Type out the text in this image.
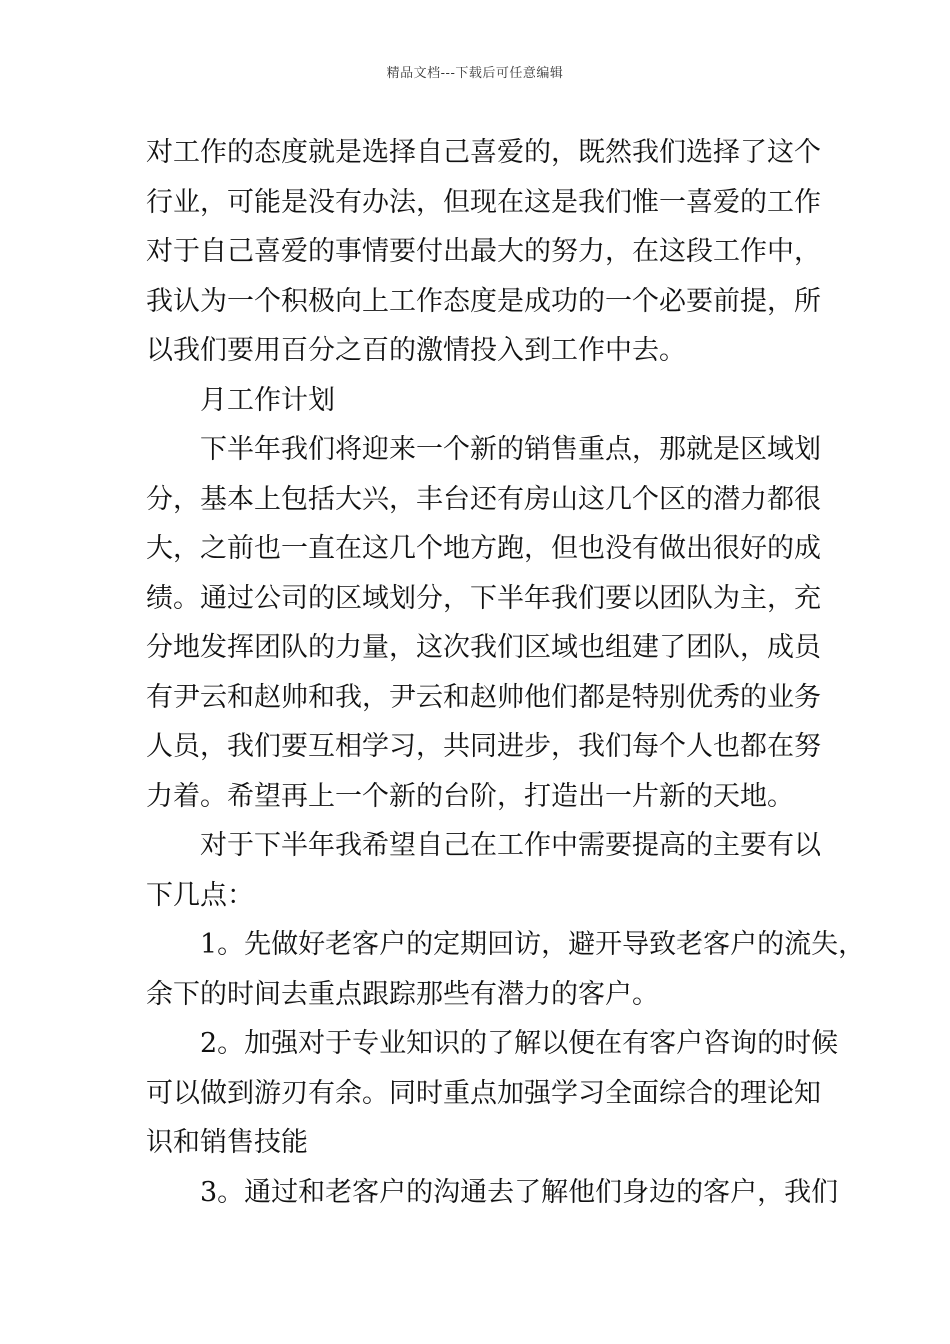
精品文档---下载后可任意编辑
对工作的态度就是选择自己喜爱的，既然我们选择了这个
行业，可能是没有办法，但现在这是我们惟一喜爱的工作
对于自己喜爱的事情要付出最大的努力，在这段工作中，
我认为一个积极向上工作态度是成功的一个必要前提，所
以我们要用百分之百的激情投入到工作中去。
月工作计划
下半年我们将迎来一个新的销售重点，那就是区域划
分，基本上包括大兴，丰台还有房山这几个区的潜力都很
大，之前也一直在这几个地方跑，但也没有做出很好的成
绩。通过公司的区域划分，下半年我们要以团队为主，充
分地发挥团队的力量，这次我们区域也组建了团队，成员
有尹云和赵帅和我，尹云和赵帅他们都是特别优秀的业务
人员，我们要互相学习，共同进步，我们每个人也都在努
力着。希望再上一个新的台阶，打造出一片新的天地。
对于下半年我希望自己在工作中需要提高的主要有以
下几点：
1。先做好老客户的定期回访，避开导致老客户的流失，
余下的时间去重点跟踪那些有潜力的客户。
2。加强对于专业知识的了解以便在有客户咨询的时候
可以做到游刃有余。同时重点加强学习全面综合的理论知
识和销售技能
3。通过和老客户的沟通去了解他们身边的客户，我们
